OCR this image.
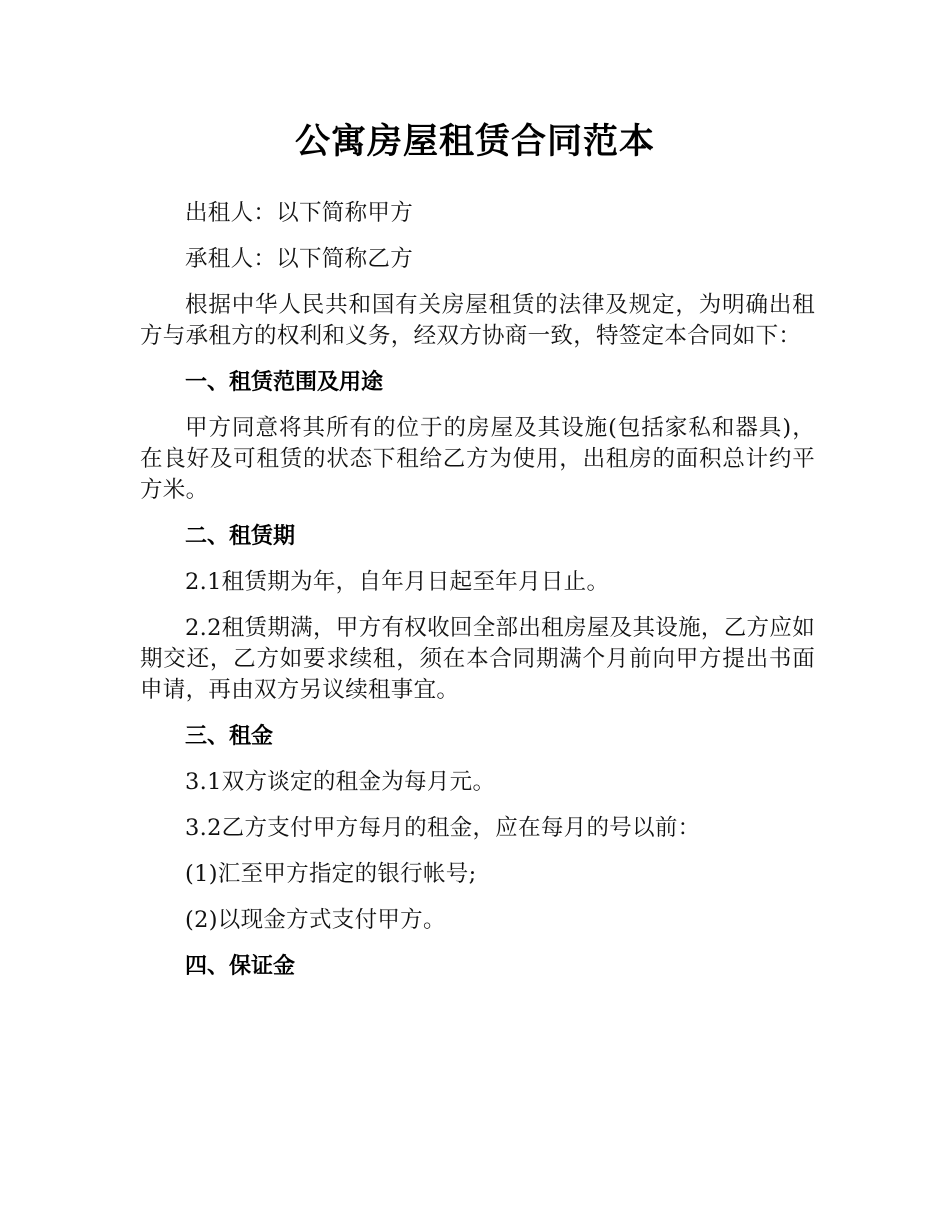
公寓房屋租赁合同范本

出租人：以下简称甲方

承租人：以下简称乙方

根据中华人民共和国有关房屋租赁的法律及规定，为明确出租方与承租方的权利和义务，经双方协商一致，特签定本合同如下：

一、租赁范围及用途

甲方同意将其所有的位于的房屋及其设施(包括家私和器具)，在良好及可租赁的状态下租给乙方为使用，出租房的面积总计约平方米。

二、租赁期

2.1租赁期为年，自年月日起至年月日止。

2.2租赁期满，甲方有权收回全部出租房屋及其设施，乙方应如期交还，乙方如要求续租，须在本合同期满个月前向甲方提出书面申请，再由双方另议续租事宜。

三、租金

3.1双方谈定的租金为每月元。

3.2乙方支付甲方每月的租金，应在每月的号以前：

(1)汇至甲方指定的银行帐号;

(2)以现金方式支付甲方。

四、保证金
